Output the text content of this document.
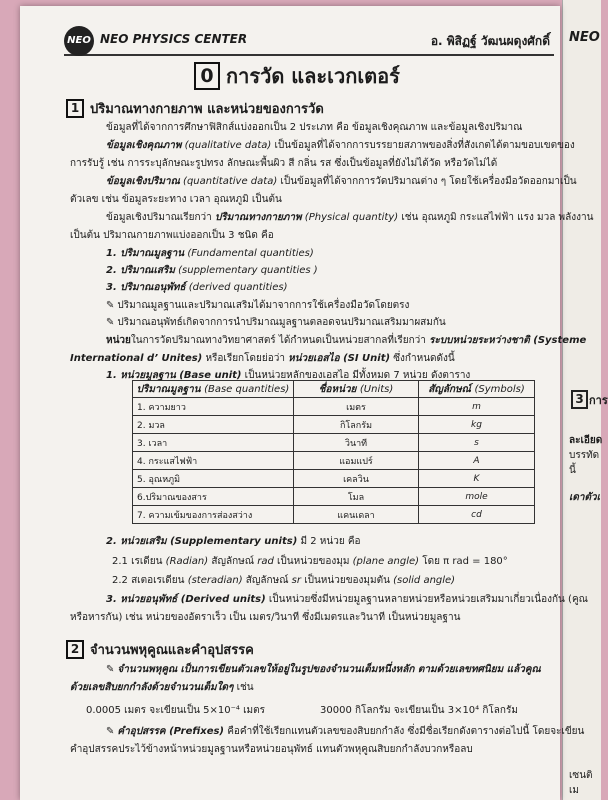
NEO
3 การ
ละเอียด
บรรทัดนี้
เดาตัวเ
เซนติเม
NEO NEO PHYSICS CENTER	อ. พิสิฏฐ์ วัฒนผดุงศักดิ์
0 การวัด และเวกเตอร์
1 ปริมาณทางกายภาพ และหน่วยของการวัด
ข้อมูลที่ได้จากการศึกษาฟิสิกส์แบ่งออกเป็น 2 ประเภท คือ ข้อมูลเชิงคุณภาพ และข้อมูลเชิงปริมาณ
ข้อมูลเชิงคุณภาพ (qualitative data) เป็นข้อมูลที่ได้จากการบรรยายสภาพของสิ่งที่สังเกตได้ตามขอบเขตของ
การรับรู้ เช่น การระบุลักษณะรูปทรง ลักษณะพื้นผิว สี กลิ่น รส ซึ่งเป็นข้อมูลที่ยังไม่ได้วัด หรือวัดไม่ได้
ข้อมูลเชิงปริมาณ (quantitative data) เป็นข้อมูลที่ได้จากการวัดปริมาณต่าง ๆ โดยใช้เครื่องมือวัดออกมาเป็น
ตัวเลข เช่น ข้อมูลระยะทาง เวลา อุณหภูมิ เป็นต้น
ข้อมูลเชิงปริมาณเรียกว่า ปริมาณทางกายภาพ (Physical quantity) เช่น อุณหภูมิ กระแสไฟฟ้า แรง มวล พลังงาน
เป็นต้น ปริมาณกายภาพแบ่งออกเป็น 3 ชนิด คือ
1. ปริมาณมูลฐาน (Fundamental quantities)
2. ปริมาณเสริม (supplementary quantities )
3. ปริมาณอนุพัทธ์ (derived quantities)
✎ ปริมาณมูลฐานและปริมาณเสริมได้มาจากการใช้เครื่องมือวัดโดยตรง
✎ ปริมาณอนุพัทธ์เกิดจากการนำปริมาณมูลฐานตลอดจนปริมาณเสริมมาผสมกัน
หน่วยในการวัดปริมาณทางวิทยาศาสตร์ ได้กำหนดเป็นหน่วยสากลที่เรียกว่า ระบบหน่วยระหว่างชาติ (Systeme
International d’ Unites) หรือเรียกโดยย่อว่า หน่วยเอสไอ (SI Unit) ซึ่งกำหนดดังนี้
1. หน่วยมูลฐาน (Base unit) เป็นหน่วยหลักของเอสไอ มีทั้งหมด 7 หน่วย ดังตาราง
ปริมาณมูลฐาน (Base quantities)	ชื่อหน่วย (Units)	สัญลักษณ์ (Symbols)
1. ความยาว	เมตร	m
2. มวล	กิโลกรัม	kg
3. เวลา	วินาที	s
4. กระแสไฟฟ้า	แอมแปร์	A
5. อุณหภูมิ	เคลวิน	K
6.ปริมาณของสาร	โมล	mole
7. ความเข้มของการส่องสว่าง	แคนเดลา	cd
2. หน่วยเสริม (Supplementary units) มี 2 หน่วย คือ
2.1 เรเดียน (Radian) สัญลักษณ์ rad เป็นหน่วยของมุม (plane angle) โดย π rad = 180°
2.2 สเตอเรเดียน (steradian) สัญลักษณ์ sr เป็นหน่วยของมุมตัน (solid angle)
3. หน่วยอนุพัทธ์ (Derived units) เป็นหน่วยซึ่งมีหน่วยมูลฐานหลายหน่วยหรือหน่วยเสริมมาเกี่ยวเนื่องกัน (คูณ
หรือหารกัน) เช่น หน่วยของอัตราเร็ว เป็น เมตร/วินาที ซึ่งมีเมตรและวินาที เป็นหน่วยมูลฐาน
2 จำนวนพหุคูณและคำอุปสรรค
✎ จำนวนพหุคูณ เป็นการเขียนตัวเลขให้อยู่ในรูปของจำนวนเต็มหนึ่งหลัก ตามด้วยเลขทศนิยม แล้วคูณ
ด้วยเลขสิบยกกำลังด้วยจำนวนเต็มใดๆ เช่น
0.0005 เมตร จะเขียนเป็น 5×10⁻⁴ เมตร	30000 กิโลกรัม จะเขียนเป็น 3×10⁴ กิโลกรัม
✎ คำอุปสรรค (Prefixes) คือคำที่ใช้เรียกแทนตัวเลขของสิบยกกำลัง ซึ่งมีชื่อเรียกดังตารางต่อไปนี้ โดยจะเขียน
คำอุปสรรคประไว้ข้างหน้าหน่วยมูลฐานหรือหน่วยอนุพัทธ์ แทนตัวพหุคูณสิบยกกำลังบวกหรือลบ
